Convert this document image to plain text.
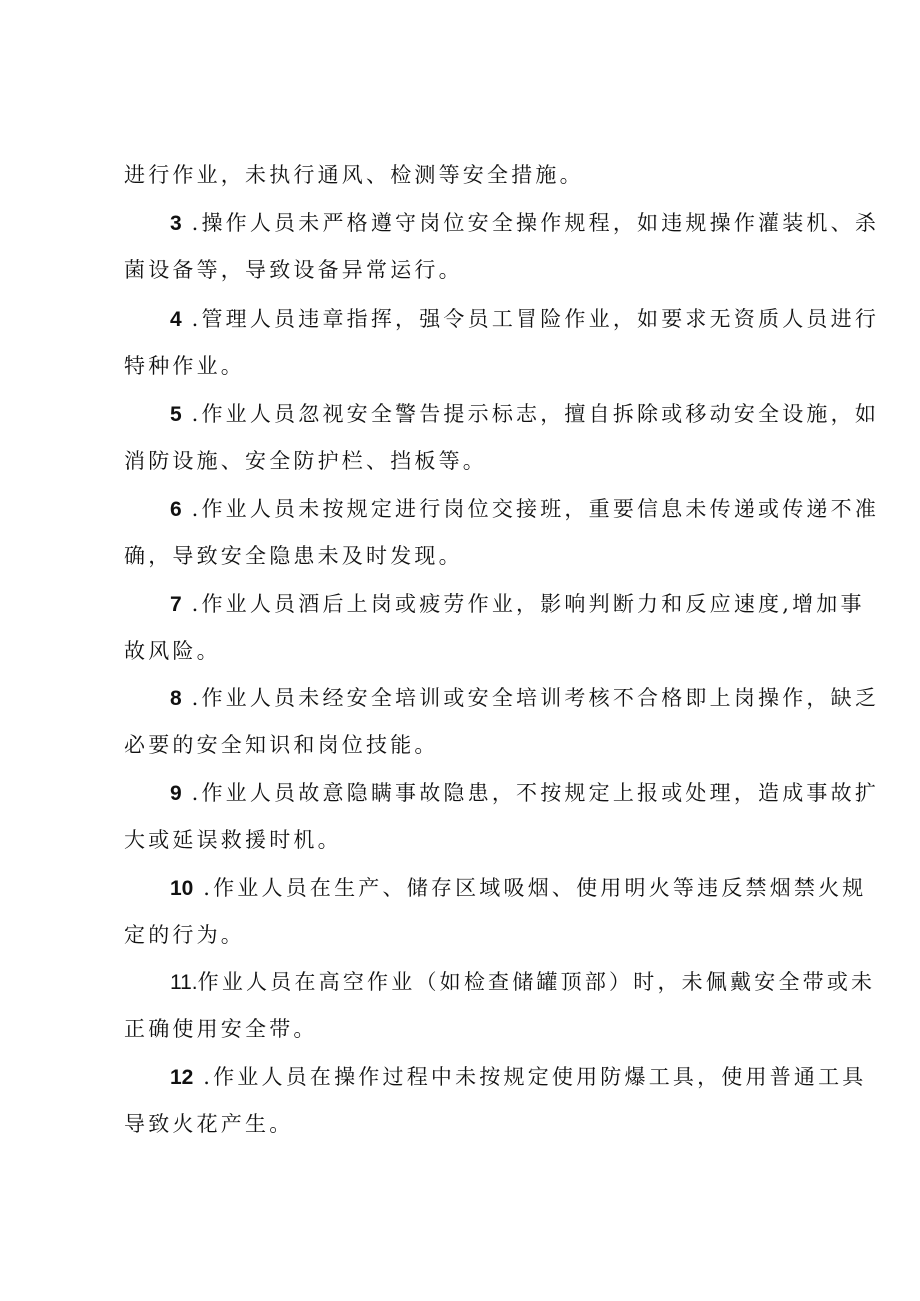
进行作业，未执行通风、检测等安全措施。
3 .操作人员未严格遵守岗位安全操作规程，如违规操作灌装机、杀
菌设备等，导致设备异常运行。
4 .管理人员违章指挥，强令员工冒险作业，如要求无资质人员进行
特种作业。
5 .作业人员忽视安全警告提示标志，擅自拆除或移动安全设施，如
消防设施、安全防护栏、挡板等。
6 .作业人员未按规定进行岗位交接班，重要信息未传递或传递不准
确，导致安全隐患未及时发现。
7 .作业人员酒后上岗或疲劳作业，影响判断力和反应速度,增加事
故风险。
8 .作业人员未经安全培训或安全培训考核不合格即上岗操作，缺乏
必要的安全知识和岗位技能。
9 .作业人员故意隐瞒事故隐患，不按规定上报或处理，造成事故扩
大或延误救援时机。
10 .作业人员在生产、储存区域吸烟、使用明火等违反禁烟禁火规
定的行为。
11.作业人员在高空作业（如检查储罐顶部）时，未佩戴安全带或未
正确使用安全带。
12 .作业人员在操作过程中未按规定使用防爆工具，使用普通工具
导致火花产生。
